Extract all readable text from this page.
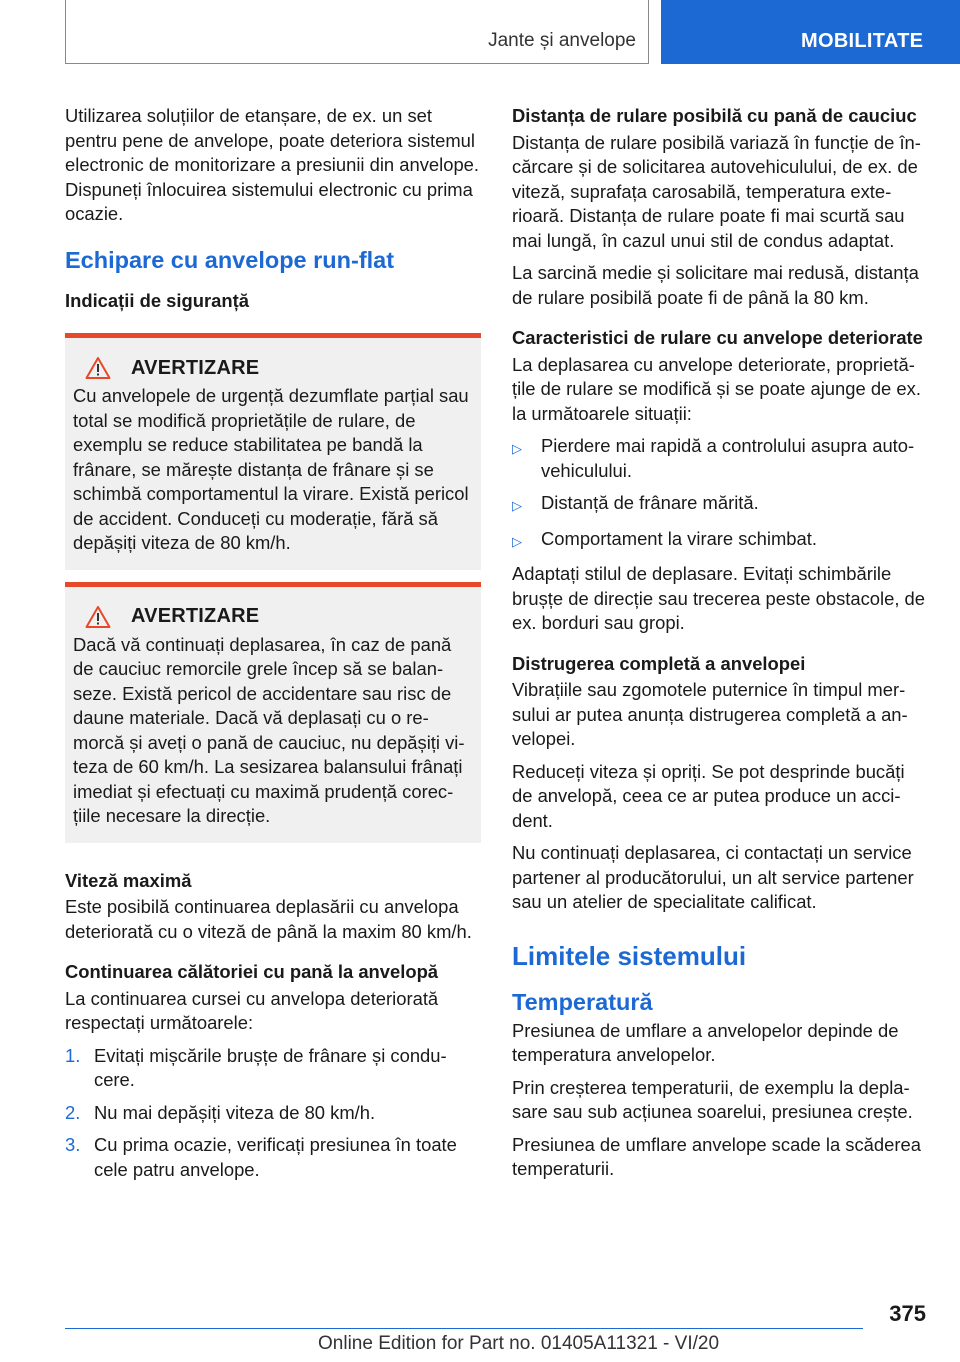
Jante și anvelope	MOBILITATE

Utilizarea soluțiilor de etanșare, de ex. un set pentru pene de anvelope, poate deteriora sistemul electronic de monitorizare a presiunii din anvelope. Dispuneți înlocuirea sistemului electronic cu prima ocazie.

Echipare cu anvelope run-flat
Indicații de siguranță
AVERTIZARE

Cu anvelopele de urgență dezumflate parțial sau total se modifică proprietățile de rulare, de exemplu se reduce stabilitatea pe bandă la frânare, se mărește distanța de frânare și se schimbă comportamentul la virare. Există pericol de accident. Conduceți cu moderație, fără să depășiți viteza de 80 km/h.

AVERTIZARE

Dacă vă continuați deplasarea, în caz de pană de cauciuc remorcile grele încep să se balanseze. Există pericol de accidentare sau risc de daune materiale. Dacă vă deplasați cu o remorcă și aveți o pană de cauciuc, nu depășiți viteza de 60 km/h. La sesizarea balansului frânați imediat și efectuați cu maximă prudență corecțiile necesare la direcție.

Viteză maximă

Este posibilă continuarea deplasării cu anvelopa deteriorată cu o viteză de până la maxim 80 km/h.

Continuarea călătoriei cu pană la anvelopă

La continuarea cursei cu anvelopa deteriorată respectați următoarele:

1. Evitați mișcările brușțe de frânare și conducere.
2. Nu mai depășiți viteza de 80 km/h.
3. Cu prima ocazie, verificați presiunea în toate cele patru anvelope.
Distanța de rulare posibilă cu pană de cauciuc

Distanța de rulare posibilă variază în funcție de încărcare și de solicitarea autovehiculului, de ex. de viteză, suprafața carosabilă, temperatura exterioară. Distanța de rulare poate fi mai scurtă sau mai lungă, în cazul unui stil de condus adaptat.

La sarcină medie și solicitare mai redusă, distanța de rulare posibilă poate fi de până la 80 km.

Caracteristici de rulare cu anvelope deteriorate

La deplasarea cu anvelope deteriorate, proprietățile de rulare se modifică și se poate ajunge de ex. la următoarele situații:

▷	Pierdere mai rapidă a controlului asupra autovehiculului.
▷	Distanță de frânare mărită.
▷	Comportament la virare schimbat.

Adaptați stilul de deplasare. Evitați schimbările brușțe de direcție sau trecerea peste obstacole, de ex. borduri sau gropi.

Distrugerea completă a anvelopei

Vibrațiile sau zgomotele puternice în timpul mersului ar putea anunța distrugerea completă a anvelopei.

Reduceți viteza și opriți. Se pot desprinde bucăți de anvelopă, ceea ce ar putea produce un accident.

Nu continuați deplasarea, ci contactați un service partener al producătorului, un alt service partener sau un atelier de specialitate calificat.

Limitele sistemului
Temperatură

Presiunea de umflare a anvelopelor depinde de temperatura anvelopelor.

Prin creșterea temperaturii, de exemplu la deplasare sau sub acțiunea soarelui, presiunea crește.

Presiunea de umflare anvelope scade la scăderea temperaturii.

375
Online Edition for Part no. 01405A11321 - VI/20
